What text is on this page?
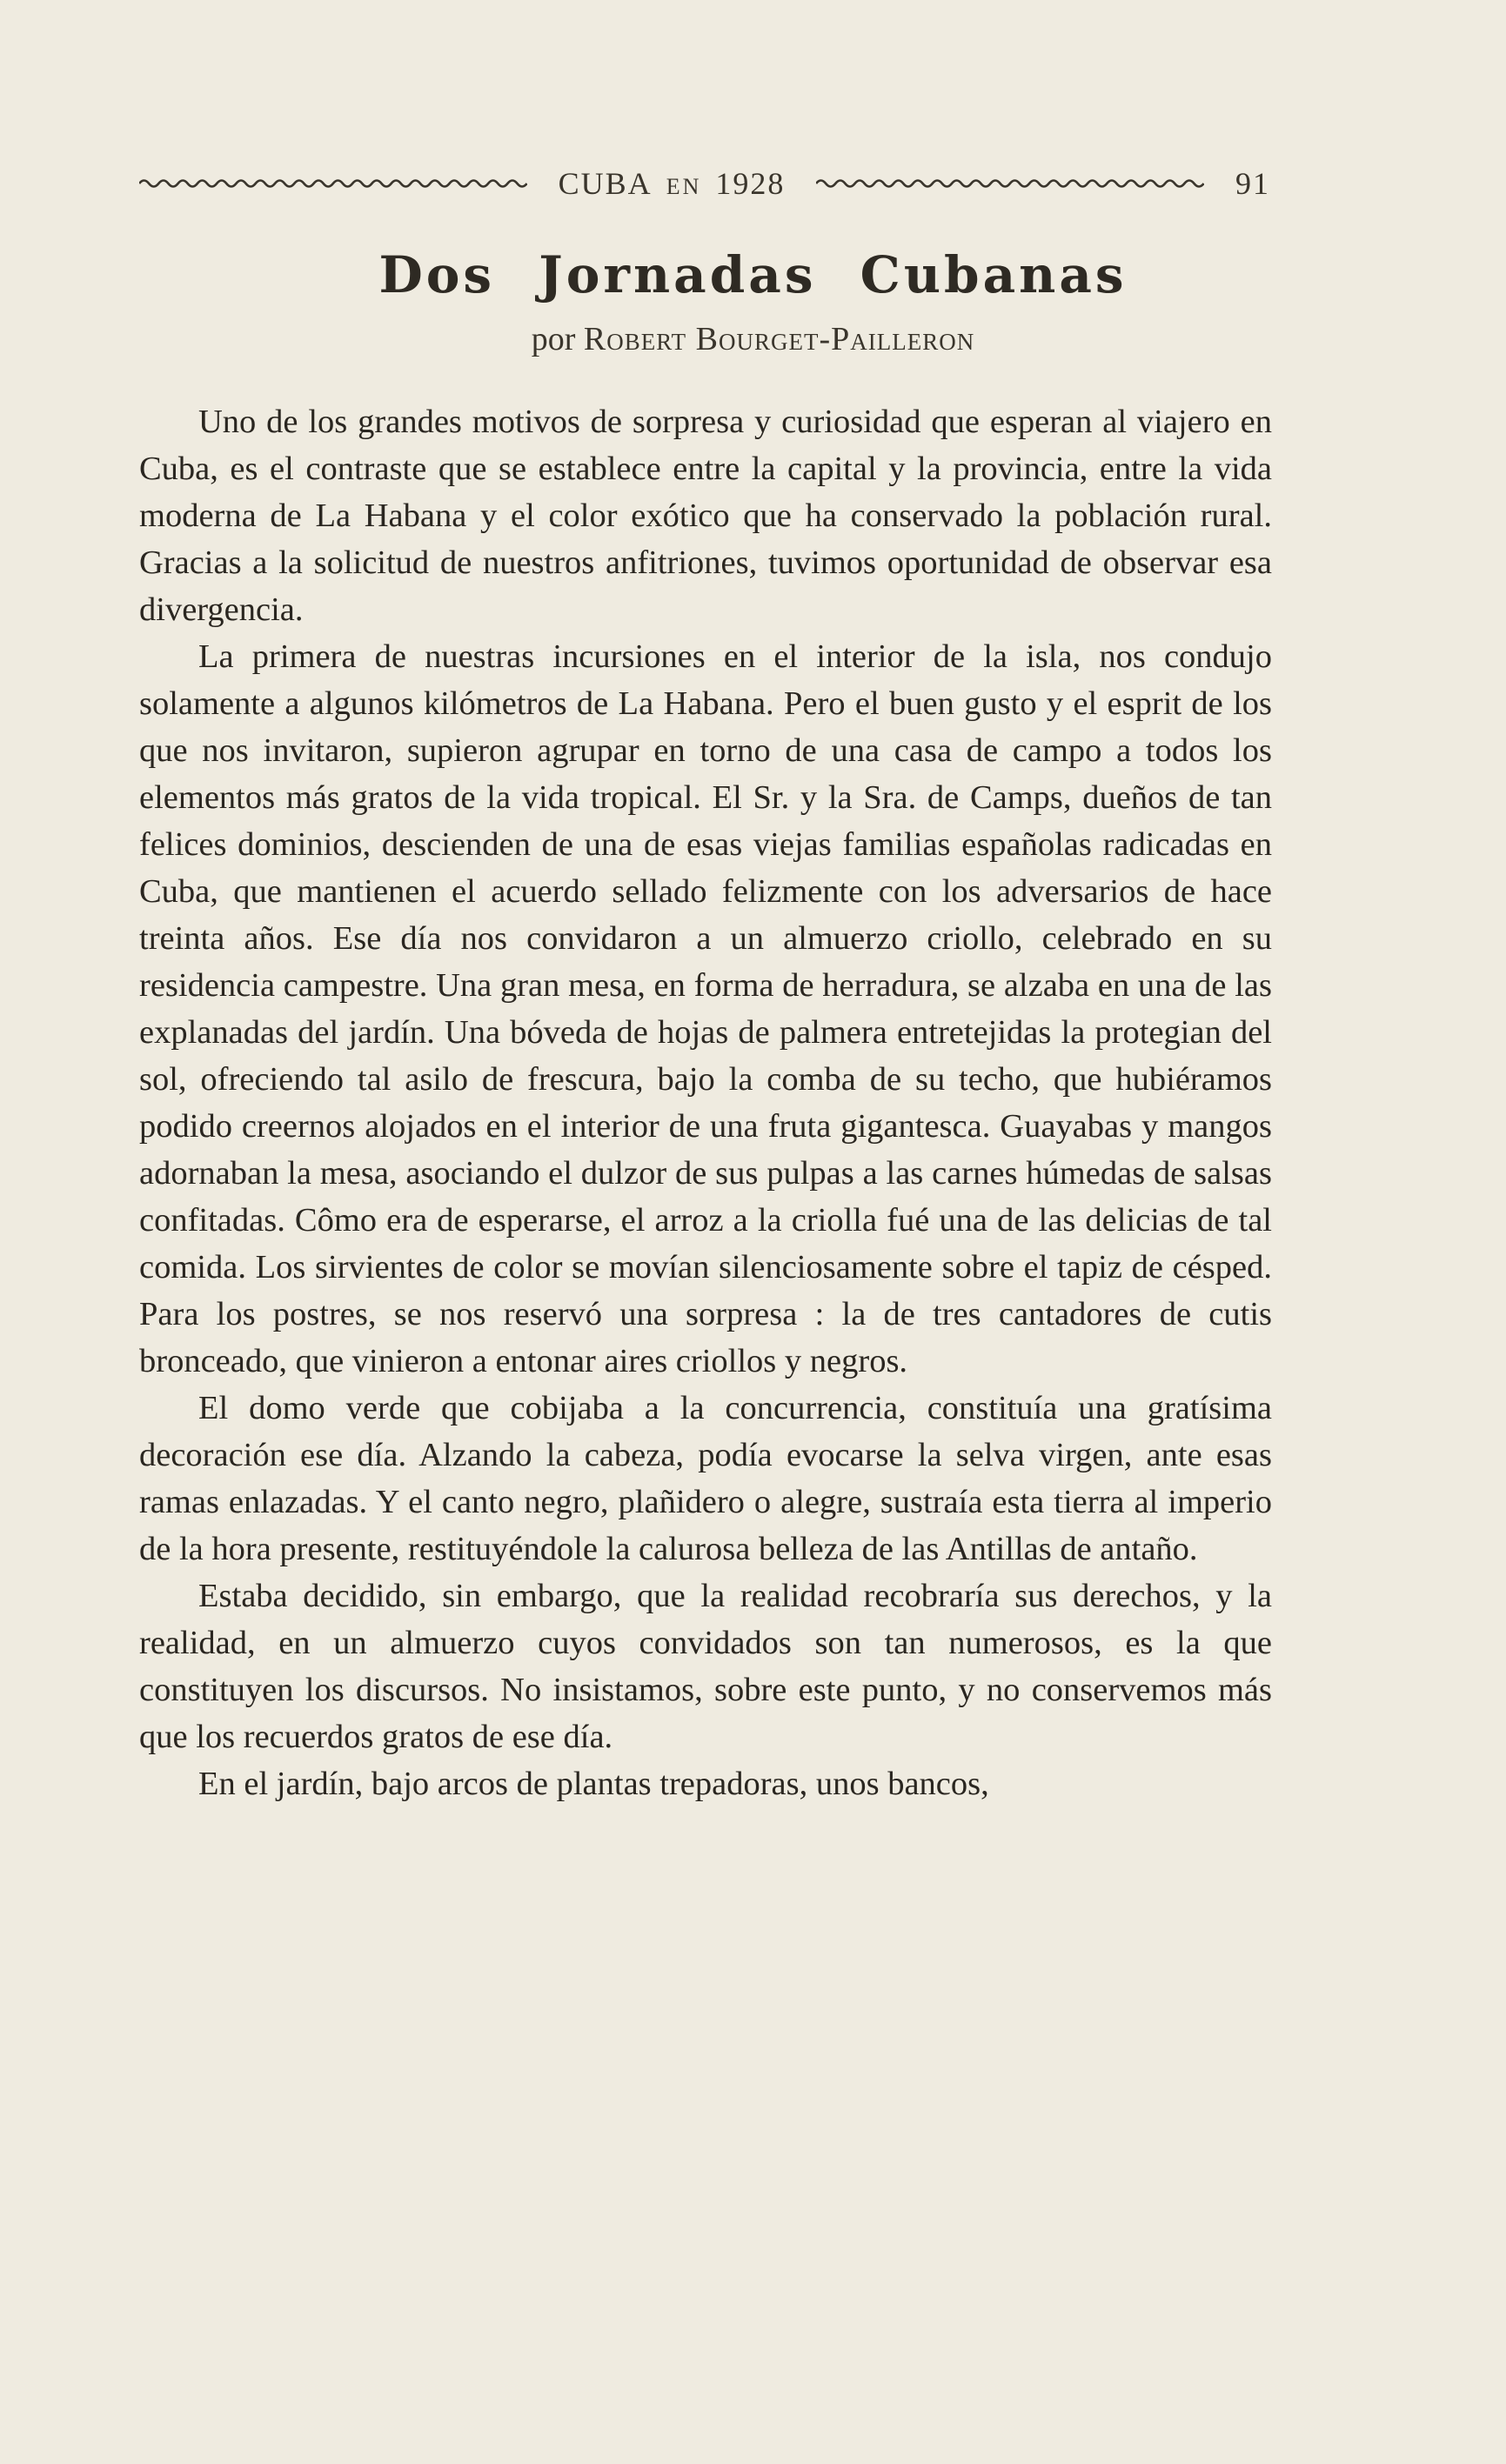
CUBA EN 1928	91
Dos Jornadas Cubanas
por Robert Bourget-Pailleron

Uno de los grandes motivos de sorpresa y curiosidad que esperan al viajero en Cuba, es el contraste que se establece entre la capital y la provincia, entre la vida moderna de La Habana y el color exótico que ha conservado la población rural. Gracias a la solicitud de nuestros anfitriones, tuvimos oportunidad de observar esa divergencia.

La primera de nuestras incursiones en el interior de la isla, nos condujo solamente a algunos kilómetros de La Habana. Pero el buen gusto y el esprit de los que nos invitaron, supieron agrupar en torno de una casa de campo a todos los elementos más gratos de la vida tropical. El Sr. y la Sra. de Camps, dueños de tan felices dominios, descienden de una de esas viejas familias españolas radicadas en Cuba, que mantienen el acuerdo sellado felizmente con los adversarios de hace treinta años. Ese día nos convidaron a un almuerzo criollo, celebrado en su residencia campestre. Una gran mesa, en forma de herradura, se alzaba en una de las explanadas del jardín. Una bóveda de hojas de palmera entretejidas la protegian del sol, ofreciendo tal asilo de frescura, bajo la comba de su techo, que hubiéramos podido creernos alojados en el interior de una fruta gigantesca. Guayabas y mangos adornaban la mesa, asociando el dulzor de sus pulpas a las carnes húmedas de salsas confitadas. Cômo era de esperarse, el arroz a la criolla fué una de las delicias de tal comida. Los sirvientes de color se movían silenciosamente sobre el tapiz de césped. Para los postres, se nos reservó una sorpresa : la de tres cantadores de cutis bronceado, que vinieron a entonar aires criollos y negros.

El domo verde que cobijaba a la concurrencia, constituía una gratísima decoración ese día. Alzando la cabeza, podía evocarse la selva virgen, ante esas ramas enlazadas. Y el canto negro, plañidero o alegre, sustraía esta tierra al imperio de la hora presente, restituyéndole la calurosa belleza de las Antillas de antaño.

Estaba decidido, sin embargo, que la realidad recobraría sus derechos, y la realidad, en un almuerzo cuyos convidados son tan numerosos, es la que constituyen los discursos. No insistamos, sobre este punto, y no conservemos más que los recuerdos gratos de ese día.

En el jardín, bajo arcos de plantas trepadoras, unos bancos,
